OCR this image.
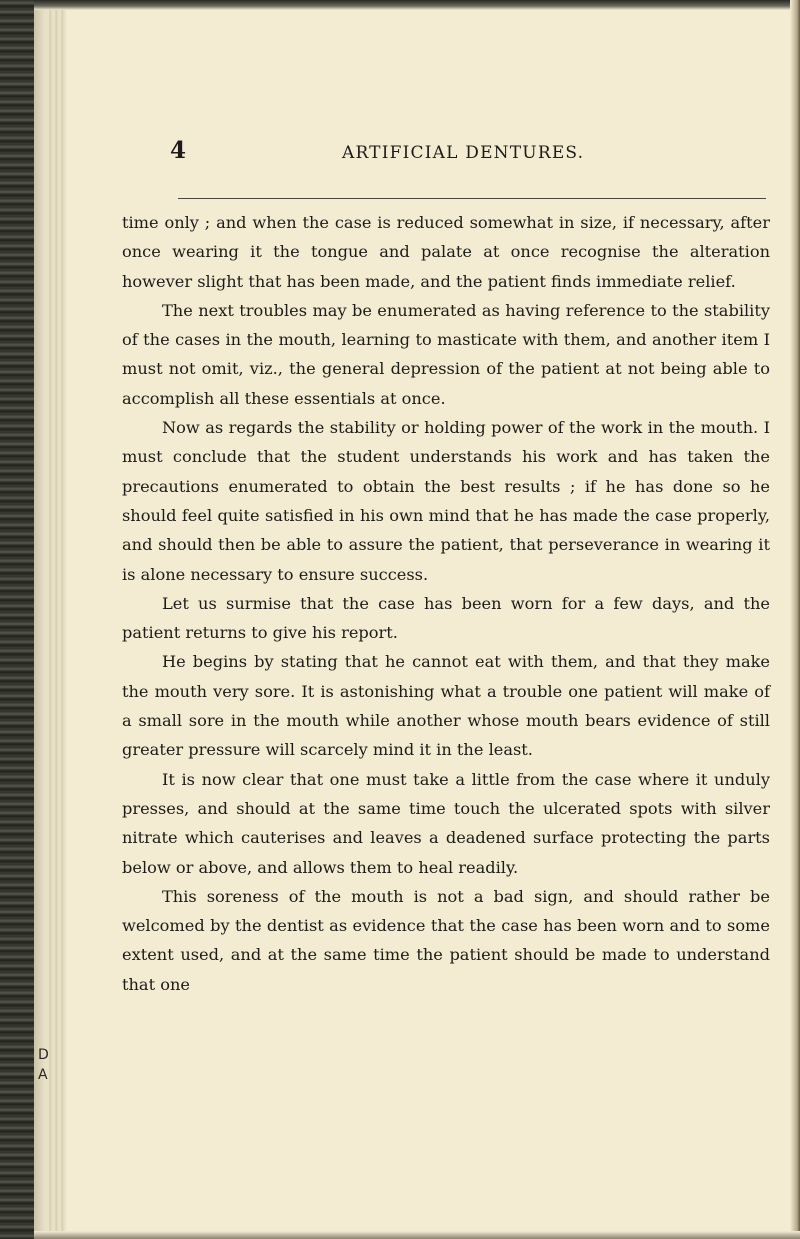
D
A
4	ARTIFICIAL DENTURES.

time only ; and when the case is reduced somewhat in size, if necessary, after once wearing it the tongue and palate at once recognise the alteration however slight that has been made, and the patient finds immediate relief.

The next troubles may be enumerated as having reference to the stability of the cases in the mouth, learning to masticate with them, and another item I must not omit, viz., the general depression of the patient at not being able to accomplish all these essentials at once.

Now as regards the stability or holding power of the work in the mouth. I must conclude that the student understands his work and has taken the precautions enumerated to obtain the best results ; if he has done so he should feel quite satisfied in his own mind that he has made the case properly, and should then be able to assure the patient, that perseverance in wearing it is alone necessary to ensure success.

Let us surmise that the case has been worn for a few days, and the patient returns to give his report.

He begins by stating that he cannot eat with them, and that they make the mouth very sore. It is astonishing what a trouble one patient will make of a small sore in the mouth while another whose mouth bears evidence of still greater pressure will scarcely mind it in the least.

It is now clear that one must take a little from the case where it unduly presses, and should at the same time touch the ulcerated spots with silver nitrate which cauterises and leaves a deadened surface protecting the parts below or above, and allows them to heal readily.

This soreness of the mouth is not a bad sign, and should rather be welcomed by the dentist as evidence that the case has been worn and to some extent used, and at the same time the patient should be made to understand that one
